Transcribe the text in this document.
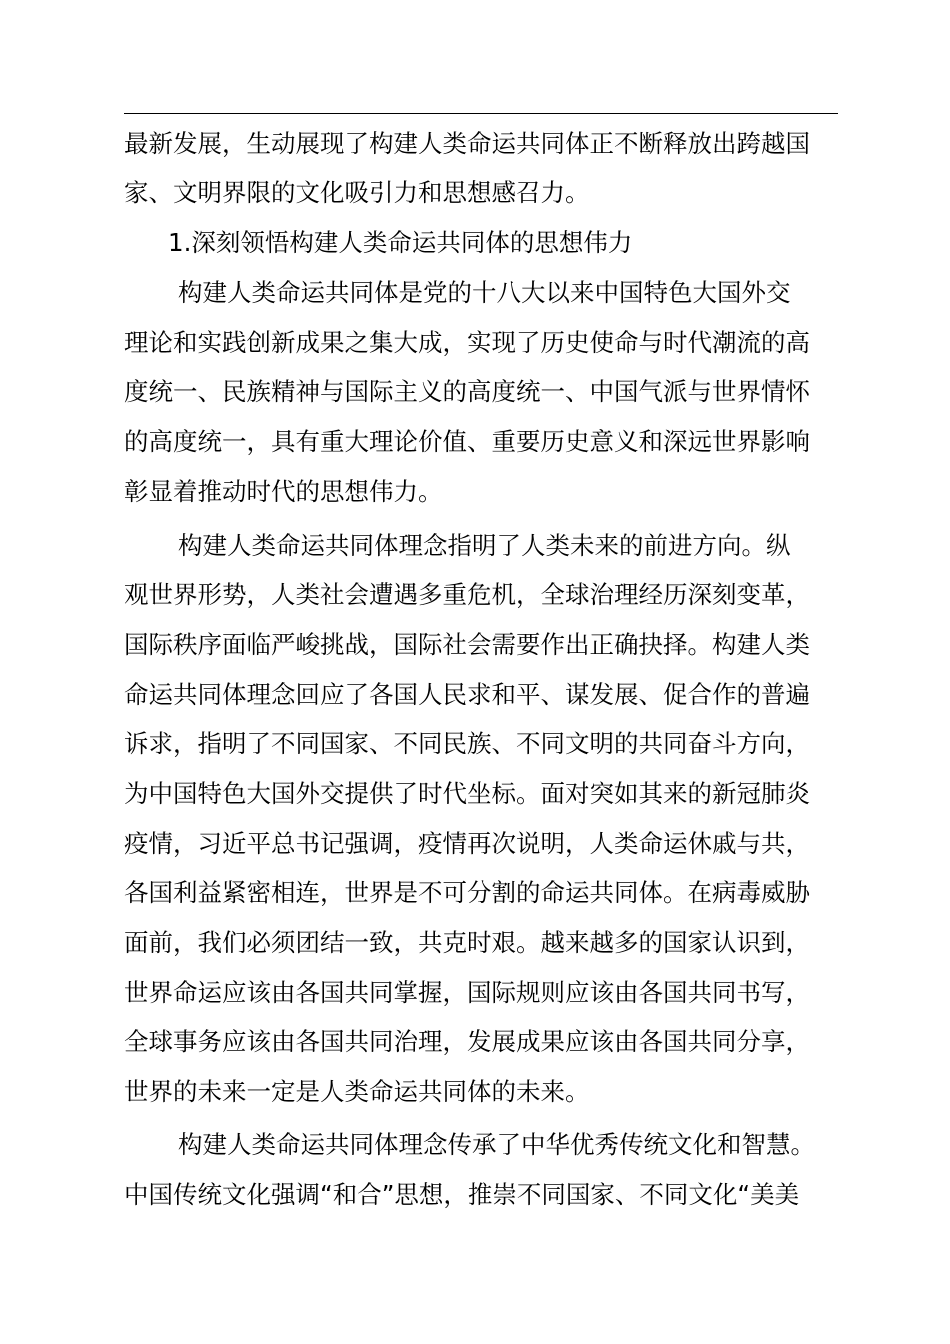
最新发展，生动展现了构建人类命运共同体正不断释放出跨越国
家、文明界限的文化吸引力和思想感召力。
1.深刻领悟构建人类命运共同体的思想伟力
构建人类命运共同体是党的十八大以来中国特色大国外交
理论和实践创新成果之集大成，实现了历史使命与时代潮流的高
度统一、民族精神与国际主义的高度统一、中国气派与世界情怀
的高度统一，具有重大理论价值、重要历史意义和深远世界影响
彰显着推动时代的思想伟力。
构建人类命运共同体理念指明了人类未来的前进方向。纵
观世界形势，人类社会遭遇多重危机，全球治理经历深刻变革，
国际秩序面临严峻挑战，国际社会需要作出正确抉择。构建人类
命运共同体理念回应了各国人民求和平、谋发展、促合作的普遍
诉求，指明了不同国家、不同民族、不同文明的共同奋斗方向，
为中国特色大国外交提供了时代坐标。面对突如其来的新冠肺炎
疫情，习近平总书记强调，疫情再次说明，人类命运休戚与共，
各国利益紧密相连，世界是不可分割的命运共同体。在病毒威胁
面前，我们必须团结一致，共克时艰。越来越多的国家认识到，
世界命运应该由各国共同掌握，国际规则应该由各国共同书写，
全球事务应该由各国共同治理，发展成果应该由各国共同分享，
世界的未来一定是人类命运共同体的未来。
构建人类命运共同体理念传承了中华优秀传统文化和智慧。
中国传统文化强调“和合”思想，推崇不同国家、不同文化“美美
